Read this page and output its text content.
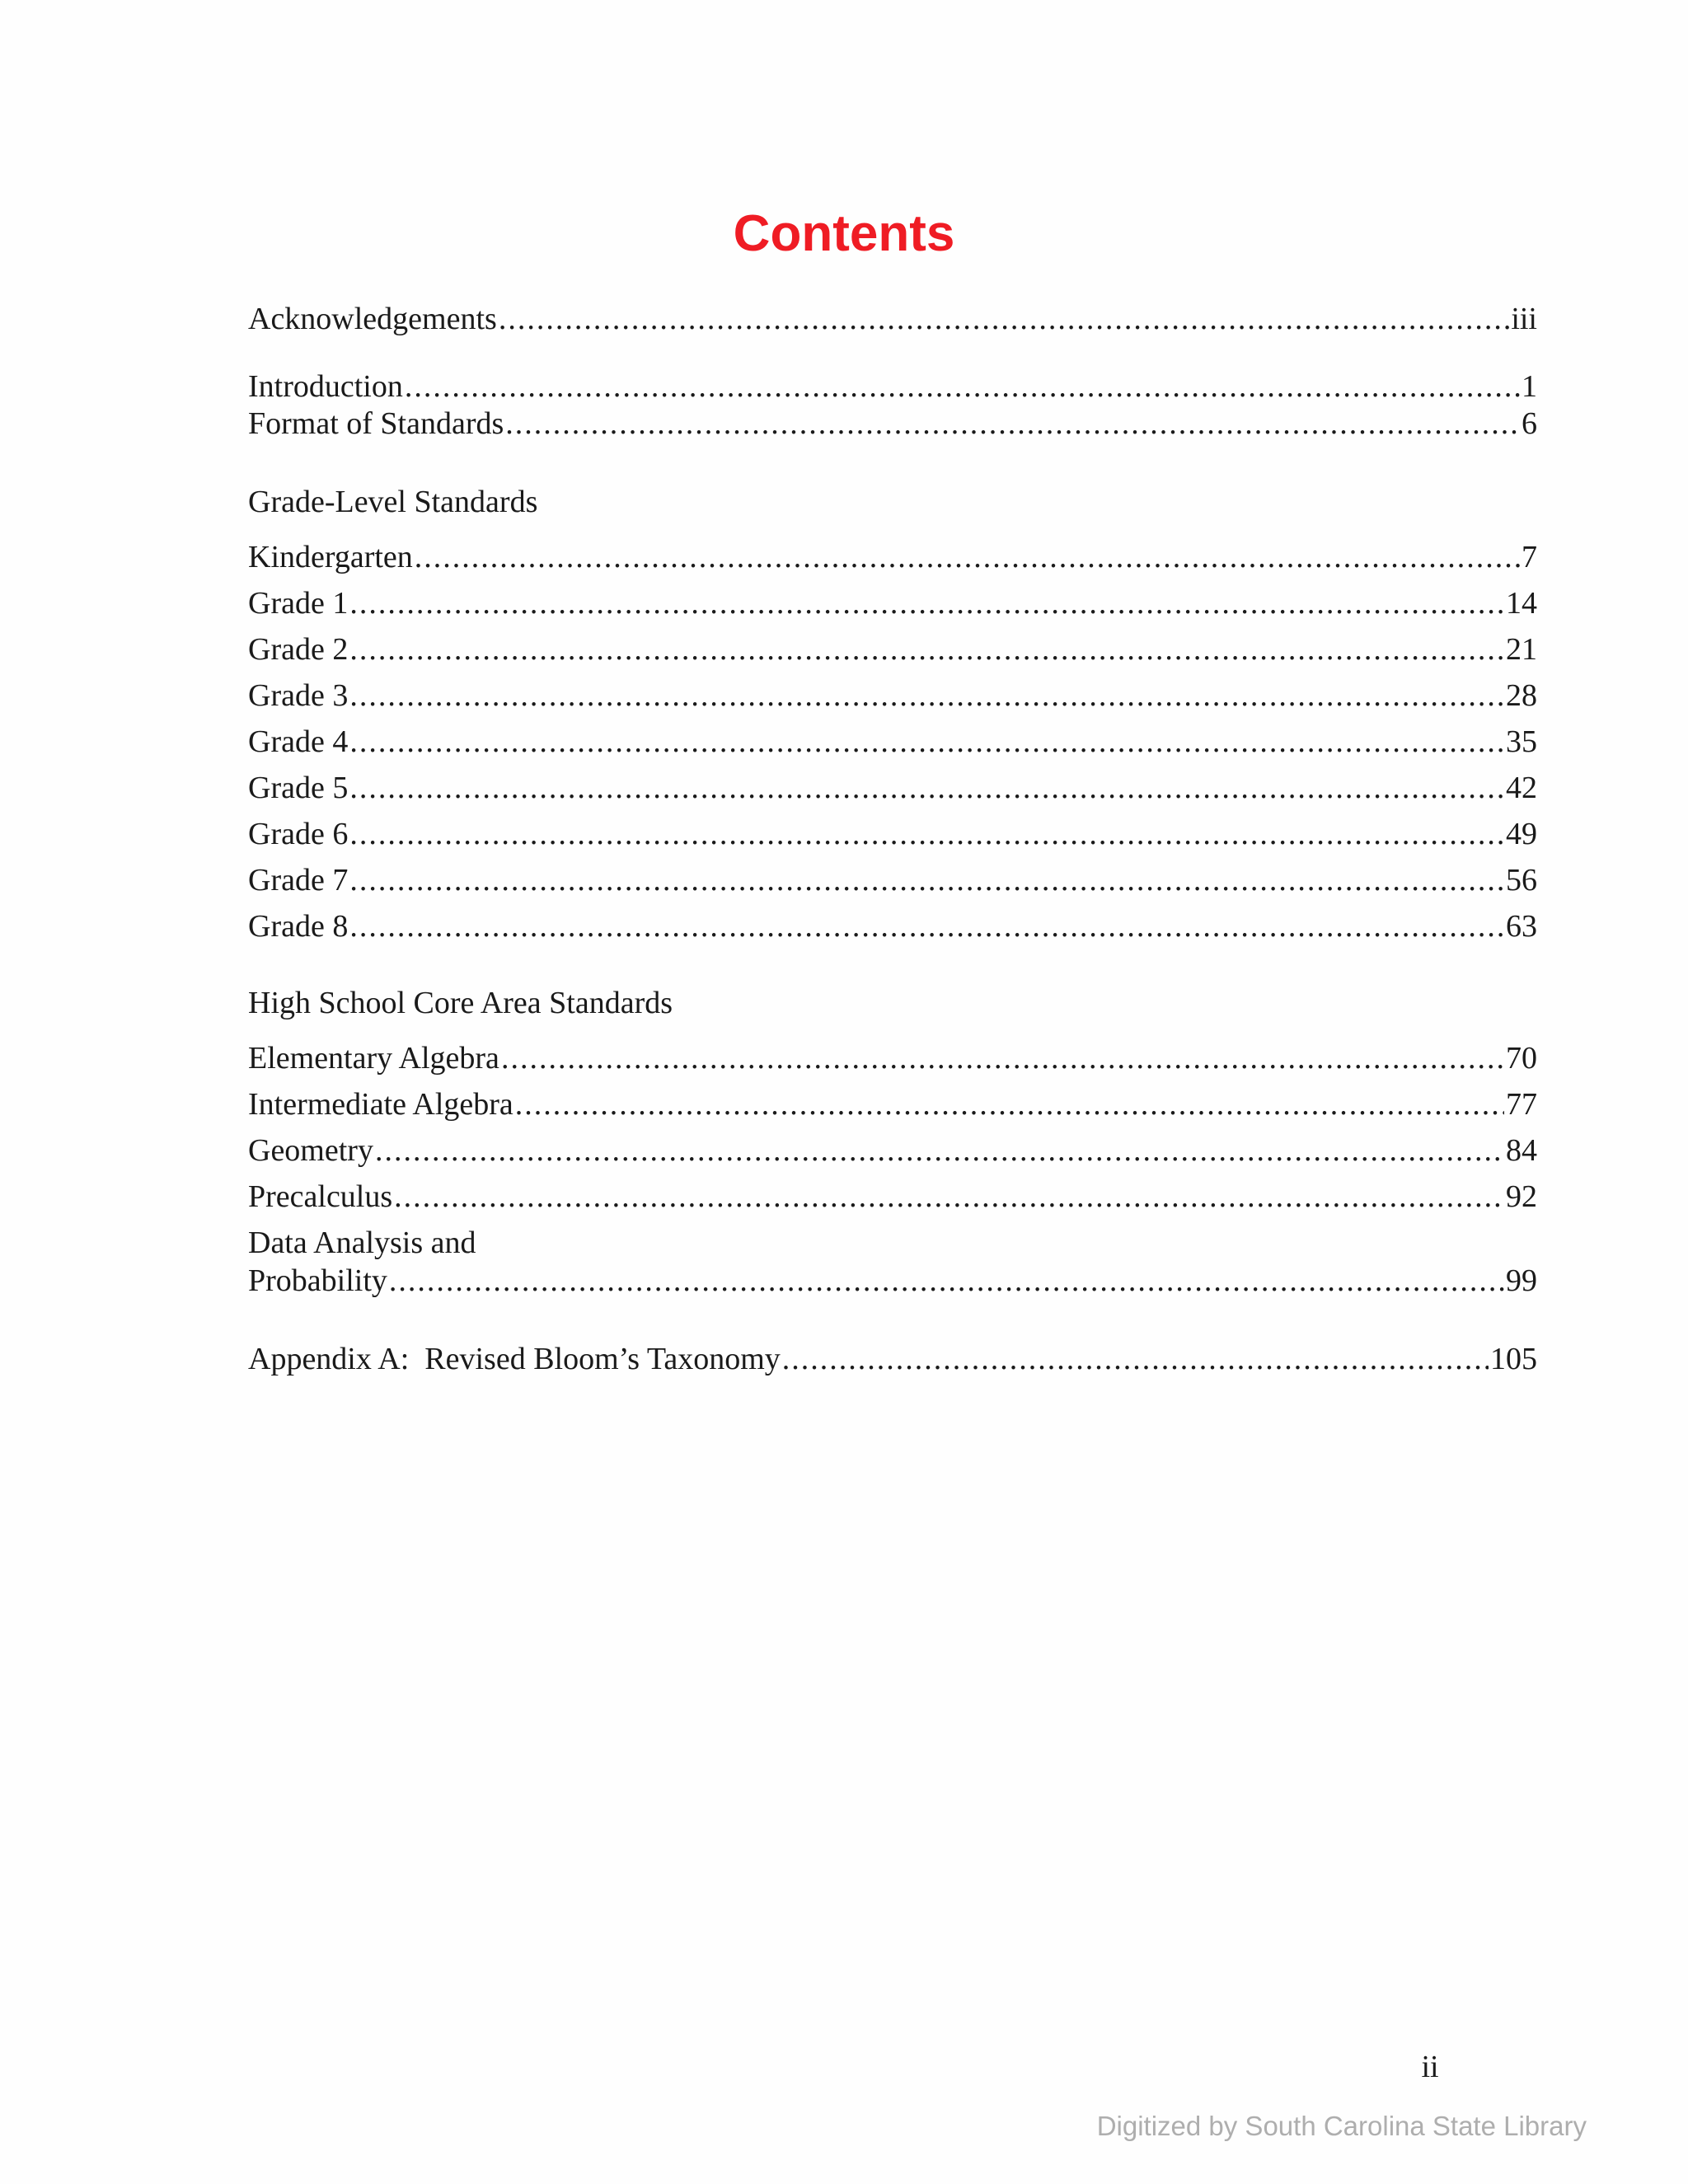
Contents
Acknowledgements .....	iii
Introduction .....	1
Format of Standards .....	6
Grade-Level Standards
Kindergarten .....	7
Grade 1 .....	14
Grade 2 .....	21
Grade 3 .....	28
Grade 4 .....	35
Grade 5 .....	42
Grade 6 .....	49
Grade 7 .....	56
Grade 8 .....	63
High School Core Area Standards
Elementary Algebra .....	70
Intermediate Algebra .....	77
Geometry .....	84
Precalculus .....	92
Data Analysis and
Probability .....	99
Appendix A:  Revised Bloom’s Taxonomy .....	105
ii
Digitized by South Carolina State Library
